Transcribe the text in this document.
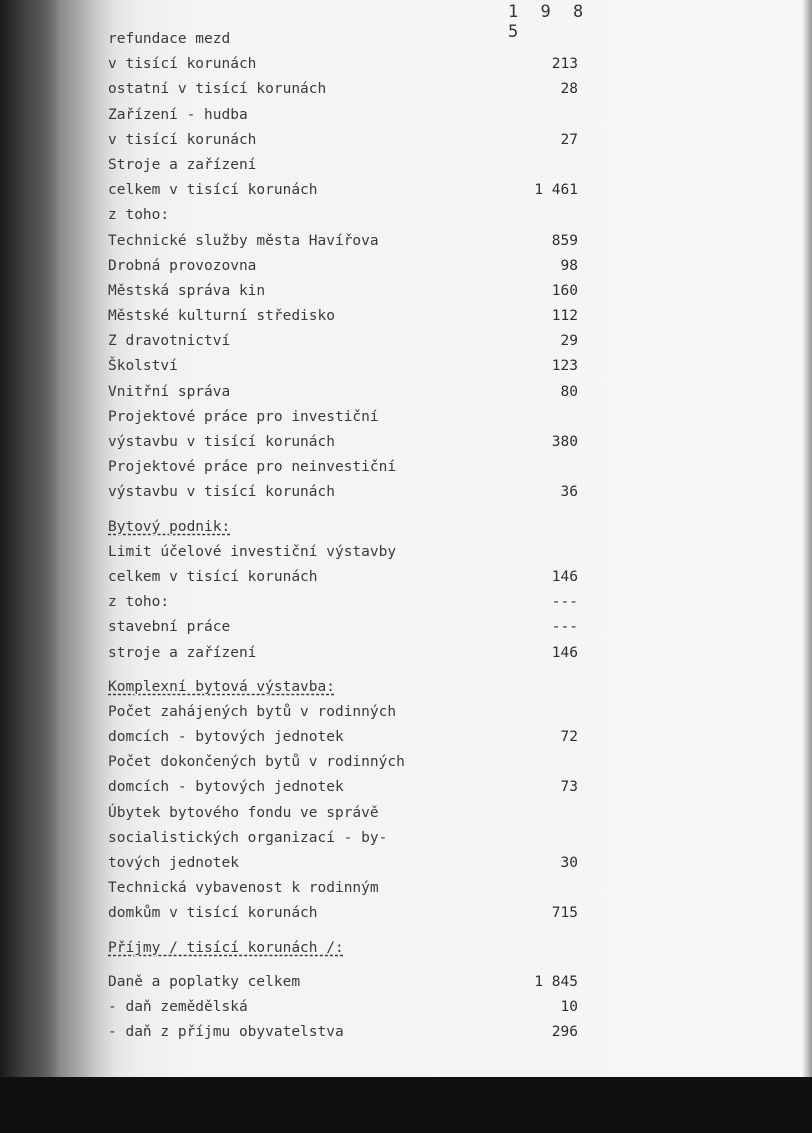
1 9 8 5
refundace mezd
v tisící korunách	213
ostatní v tisící korunách	28
Zařízení - hudba
v tisící korunách	27
Stroje a zařízení
celkem v tisící korunách	1 461
z toho:
Technické služby města Havířova	859
Drobná provozovna	98
Městská správa kin	160
Městské kulturní středisko	112
Z dravotnictví	29
Školství	123
Vnitřní správa	80
Projektové práce pro investiční
výstavbu v tisící korunách	380
Projektové práce pro neinvestiční
výstavbu v tisící korunách	36
Bytový podnik:
Limit účelové investiční výstavby
celkem v tisící korunách	146
z toho:	---
stavební práce	---
stroje a zařízení	146
Komplexní bytová výstavba:
Počet zahájených bytů v rodinných
domcích - bytových jednotek	72
Počet dokončených bytů v rodinných
domcích - bytových jednotek	73
Úbytek bytového fondu ve správě
socialistických organizací - by-
tových jednotek	30
Technická vybavenost k rodinným
domkům v tisící korunách	715
Příjmy / tisící korunách /:
Daně a poplatky celkem	1 845
- daň zemědělská	10
- daň z příjmu obyvatelstva	296
